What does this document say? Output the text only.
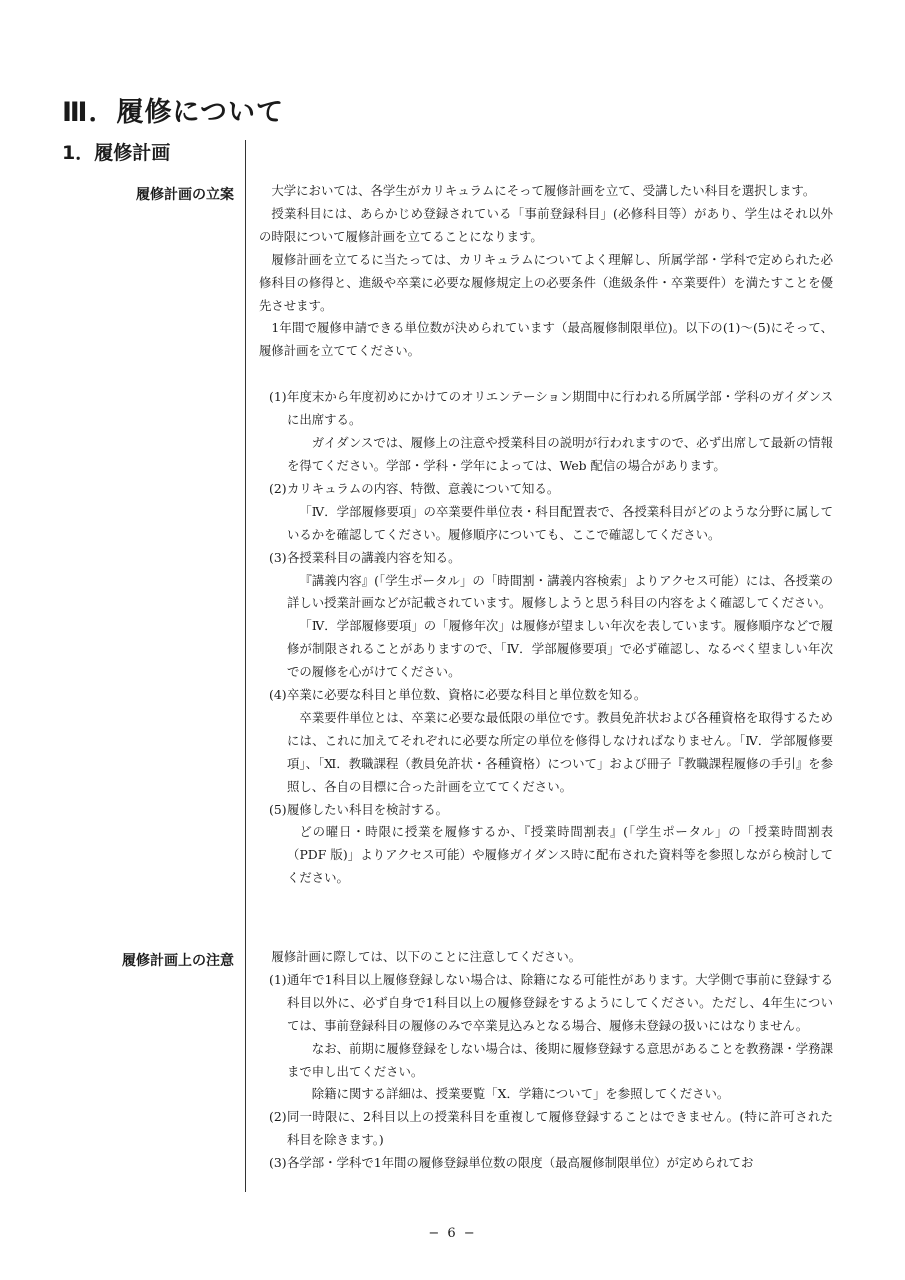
Ⅲ．履修について
1．履修計画
履修計画の立案	大学においては、各学生がカリキュラムにそって履修計画を立て、受講したい科目を選択します。

授業科目には、あらかじめ登録されている「事前登録科目」(必修科目等）があり、学生はそれ以外の時限について履修計画を立てることになります。

履修計画を立てるに当たっては、カリキュラムについてよく理解し、所属学部・学科で定められた必修科目の修得と、進級や卒業に必要な履修規定上の必要条件（進級条件・卒業要件）を満たすことを優先させます。

1年間で履修申請できる単位数が決められています（最高履修制限単位)。以下の(1)〜(5)にそって、履修計画を立ててください。

(1) 年度末から年度初めにかけてのオリエンテーション期間中に行われる所属学部・学科のガイダンスに出席する。

ガイダンスでは、履修上の注意や授業科目の説明が行われますので、必ず出席して最新の情報を得てください。学部・学科・学年によっては、Web 配信の場合があります。

(2) カリキュラムの内容、特徴、意義について知る。

「Ⅳ．学部履修要項」の卒業要件単位表・科目配置表で、各授業科目がどのような分野に属しているかを確認してください。履修順序についても、ここで確認してください。

(3) 各授業科目の講義内容を知る。

『講義内容』(「学生ポータル」の「時間割・講義内容検索」よりアクセス可能）には、各授業の詳しい授業計画などが記載されています。履修しようと思う科目の内容をよく確認してください。

「Ⅳ．学部履修要項」の「履修年次」は履修が望ましい年次を表しています。履修順序などで履修が制限されることがありますので、「Ⅳ．学部履修要項」で必ず確認し、なるべく望ましい年次での履修を心がけてください。

(4) 卒業に必要な科目と単位数、資格に必要な科目と単位数を知る。

卒業要件単位とは、卒業に必要な最低限の単位です。教員免許状および各種資格を取得するためには、これに加えてそれぞれに必要な所定の単位を修得しなければなりません。「Ⅳ．学部履修要項」、「Ⅺ．教職課程（教員免許状・各種資格）について」および冊子『教職課程履修の手引』を参照し、各自の目標に合った計画を立ててください。

(5) 履修したい科目を検討する。

どの曜日・時限に授業を履修するか、『授業時間割表』(「学生ポータル」の「授業時間割表（PDF 版)」よりアクセス可能）や履修ガイダンス時に配布された資料等を参照しながら検討してください。

履修計画上の注意	履修計画に際しては、以下のことに注意してください。

(1) 通年で1科目以上履修登録しない場合は、除籍になる可能性があります。大学側で事前に登録する科目以外に、必ず自身で1科目以上の履修登録をするようにしてください。ただし、4年生については、事前登録科目の履修のみで卒業見込みとなる場合、履修未登録の扱いにはなりません。

なお、前期に履修登録をしない場合は、後期に履修登録する意思があることを教務課・学務課まで申し出てください。

除籍に関する詳細は、授業要覧「Ⅹ．学籍について」を参照してください。

(2) 同一時限に、2科目以上の授業科目を重複して履修登録することはできません。(特に許可された科目を除きます。)

(3) 各学部・学科で1年間の履修登録単位数の限度（最高履修制限単位）が定められてお

− 6 −
